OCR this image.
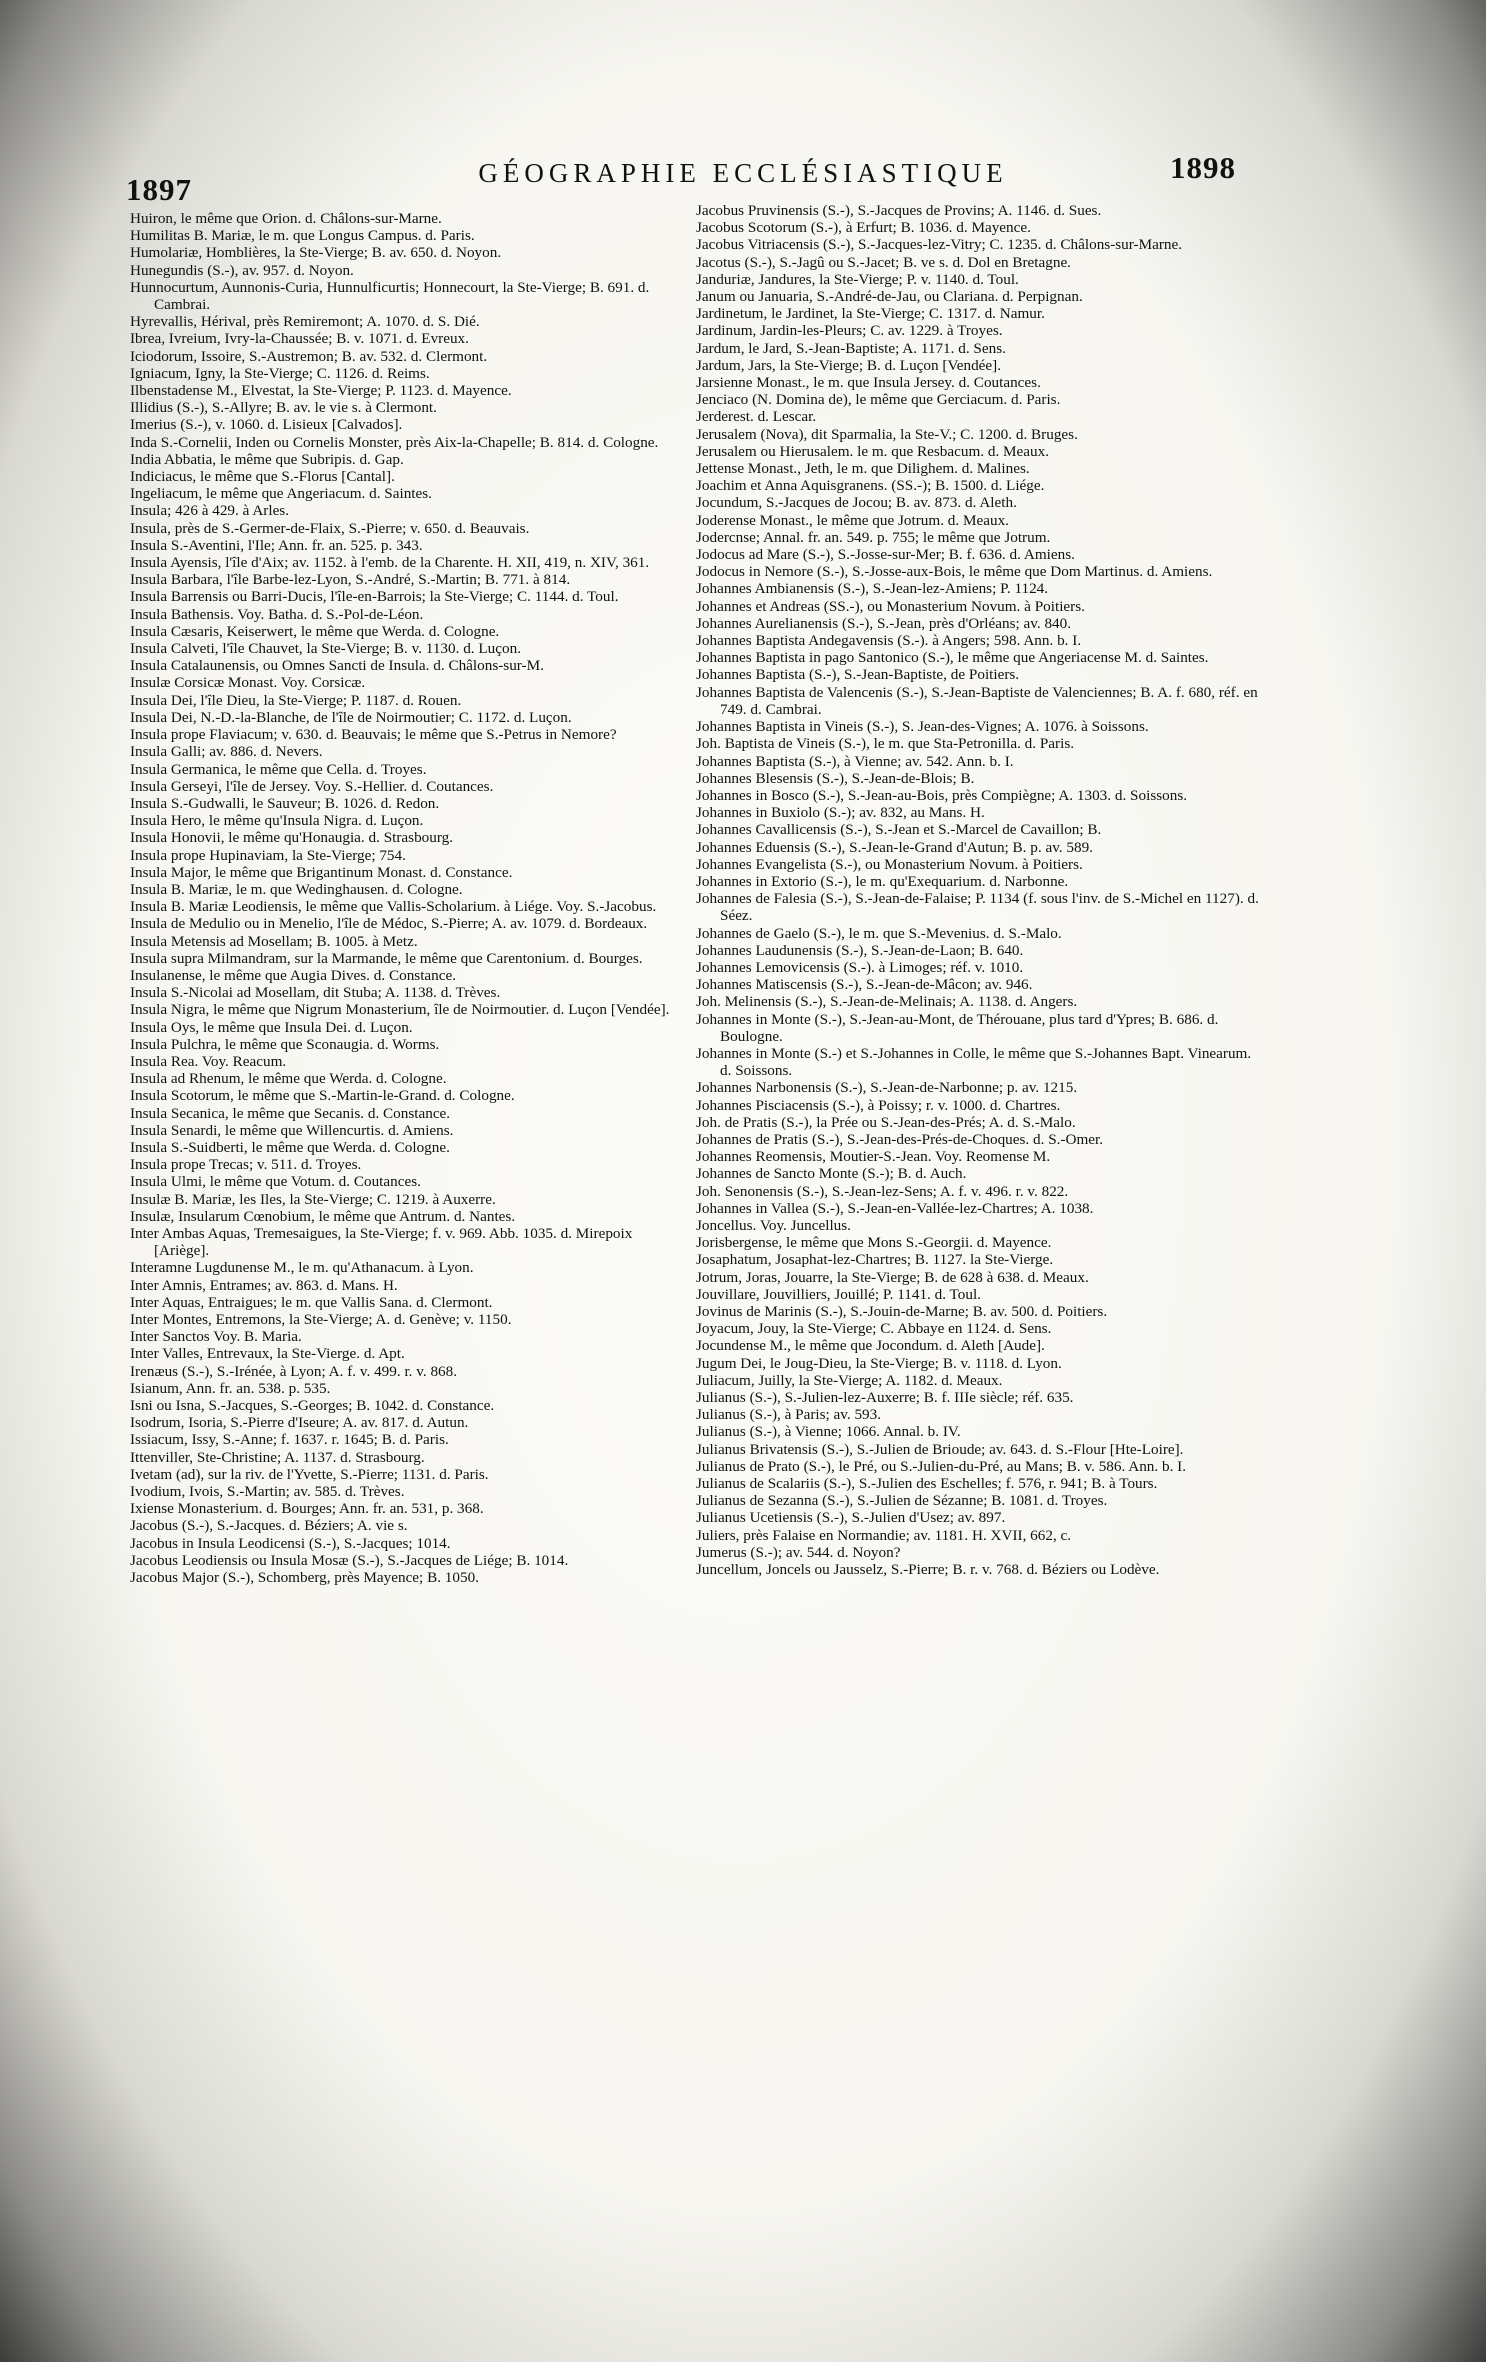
1897	GÉOGRAPHIE ECCLÉSIASTIQUE	1898
Huiron, le même que Orion. d. Châlons-sur-Marne.
Humilitas B. Mariæ, le m. que Longus Campus. d. Paris.
Humolariæ, Homblières, la Ste-Vierge; B. av. 650. d. Noyon.
Hunegundis (S.-), av. 957. d. Noyon.
Hunnocurtum, Aunnonis-Curia, Hunnulficurtis; Honnecourt, la Ste-Vierge; B. 691. d. Cambrai.
Hyrevallis, Hérival, près Remiremont; A. 1070. d. S. Dié.
Ibrea, Ivreium, Ivry-la-Chaussée; B. v. 1071. d. Evreux.
Iciodorum, Issoire, S.-Austremon; B. av. 532. d. Clermont.
Igniacum, Igny, la Ste-Vierge; C. 1126. d. Reims.
Ilbenstadense M., Elvestat, la Ste-Vierge; P. 1123. d. Mayence.
Illidius (S.-), S.-Allyre; B. av. le vie s. à Clermont.
Imerius (S.-), v. 1060. d. Lisieux [Calvados].
Inda S.-Cornelii, Inden ou Cornelis Monster, près Aix-la-Chapelle; B. 814. d. Cologne.
India Abbatia, le même que Subripis. d. Gap.
Indiciacus, le même que S.-Florus [Cantal].
Ingeliacum, le même que Angeriacum. d. Saintes.
Insula; 426 à 429. à Arles.
Insula, près de S.-Germer-de-Flaix, S.-Pierre; v. 650. d. Beauvais.
Insula S.-Aventini, l'Ile; Ann. fr. an. 525. p. 343.
Insula Ayensis, l'île d'Aix; av. 1152. à l'emb. de la Charente. H. XII, 419, n. XIV, 361.
Insula Barbara, l'île Barbe-lez-Lyon, S.-André, S.-Martin; B. 771. à 814.
Insula Barrensis ou Barri-Ducis, l'île-en-Barrois; la Ste-Vierge; C. 1144. d. Toul.
Insula Bathensis. Voy. Batha. d. S.-Pol-de-Léon.
Insula Cæsaris, Keiserwert, le même que Werda. d. Cologne.
Insula Calveti, l'île Chauvet, la Ste-Vierge; B. v. 1130. d. Luçon.
Insula Catalaunensis, ou Omnes Sancti de Insula. d. Châlons-sur-M.
Insulæ Corsicæ Monast. Voy. Corsicæ.
Insula Dei, l'île Dieu, la Ste-Vierge; P. 1187. d. Rouen.
Insula Dei, N.-D.-la-Blanche, de l'île de Noirmoutier; C. 1172. d. Luçon.
Insula prope Flaviacum; v. 630. d. Beauvais; le même que S.-Petrus in Nemore?
Insula Galli; av. 886. d. Nevers.
Insula Germanica, le même que Cella. d. Troyes.
Insula Gerseyi, l'île de Jersey. Voy. S.-Hellier. d. Coutances.
Insula S.-Gudwalli, le Sauveur; B. 1026. d. Redon.
Insula Hero, le même qu'Insula Nigra. d. Luçon.
Insula Honovii, le même qu'Honaugia. d. Strasbourg.
Insula prope Hupinaviam, la Ste-Vierge; 754.
Insula Major, le même que Brigantinum Monast. d. Constance.
Insula B. Mariæ, le m. que Wedinghausen. d. Cologne.
Insula B. Mariæ Leodiensis, le même que Vallis-Scholarium. à Liége. Voy. S.-Jacobus.
Insula de Medulio ou in Menelio, l'île de Médoc, S.-Pierre; A. av. 1079. d. Bordeaux.
Insula Metensis ad Mosellam; B. 1005. à Metz.
Insula supra Milmandram, sur la Marmande, le même que Carentonium. d. Bourges.
Insulanense, le même que Augia Dives. d. Constance.
Insula S.-Nicolai ad Mosellam, dit Stuba; A. 1138. d. Trèves.
Insula Nigra, le même que Nigrum Monasterium, île de Noirmoutier. d. Luçon [Vendée].
Insula Oys, le même que Insula Dei. d. Luçon.
Insula Pulchra, le même que Sconaugia. d. Worms.
Insula Rea. Voy. Reacum.
Insula ad Rhenum, le même que Werda. d. Cologne.
Insula Scotorum, le même que S.-Martin-le-Grand. d. Cologne.
Insula Secanica, le même que Secanis. d. Constance.
Insula Senardi, le même que Willencurtis. d. Amiens.
Insula S.-Suidberti, le même que Werda. d. Cologne.
Insula prope Trecas; v. 511. d. Troyes.
Insula Ulmi, le même que Votum. d. Coutances.
Insulæ B. Mariæ, les Iles, la Ste-Vierge; C. 1219. à Auxerre.
Insulæ, Insularum Cœnobium, le même que Antrum. d. Nantes.
Inter Ambas Aquas, Tremesaigues, la Ste-Vierge; f. v. 969. Abb. 1035. d. Mirepoix [Ariège].
Interamne Lugdunense M., le m. qu'Athanacum. à Lyon.
Inter Amnis, Entrames; av. 863. d. Mans. H.
Inter Aquas, Entraigues; le m. que Vallis Sana. d. Clermont.
Inter Montes, Entremons, la Ste-Vierge; A. d. Genève; v. 1150.
Inter Sanctos Voy. B. Maria.
Inter Valles, Entrevaux, la Ste-Vierge. d. Apt.
Irenæus (S.-), S.-Irénée, à Lyon; A. f. v. 499. r. v. 868.
Isianum, Ann. fr. an. 538. p. 535.
Isni ou Isna, S.-Jacques, S.-Georges; B. 1042. d. Constance.
Isodrum, Isoria, S.-Pierre d'Iseure; A. av. 817. d. Autun.
Issiacum, Issy, S.-Anne; f. 1637. r. 1645; B. d. Paris.
Ittenviller, Ste-Christine; A. 1137. d. Strasbourg.
Ivetam (ad), sur la riv. de l'Yvette, S.-Pierre; 1131. d. Paris.
Ivodium, Ivois, S.-Martin; av. 585. d. Trèves.
Ixiense Monasterium. d. Bourges; Ann. fr. an. 531, p. 368.
Jacobus (S.-), S.-Jacques. d. Béziers; A. vie s.
Jacobus in Insula Leodicensi (S.-), S.-Jacques; 1014.
Jacobus Leodiensis ou Insula Mosæ (S.-), S.-Jacques de Liége; B. 1014.
Jacobus Major (S.-), Schomberg, près Mayence; B. 1050.
Jacobus Pruvinensis (S.-), S.-Jacques de Provins; A. 1146. d. Sues.
Jacobus Scotorum (S.-), à Erfurt; B. 1036. d. Mayence.
Jacobus Vitriacensis (S.-), S.-Jacques-lez-Vitry; C. 1235. d. Châlons-sur-Marne.
Jacotus (S.-), S.-Jagû ou S.-Jacet; B. ve s. d. Dol en Bretagne.
Janduriæ, Jandures, la Ste-Vierge; P. v. 1140. d. Toul.
Janum ou Januaria, S.-André-de-Jau, ou Clariana. d. Perpignan.
Jardinetum, le Jardinet, la Ste-Vierge; C. 1317. d. Namur.
Jardinum, Jardin-les-Pleurs; C. av. 1229. à Troyes.
Jardum, le Jard, S.-Jean-Baptiste; A. 1171. d. Sens.
Jardum, Jars, la Ste-Vierge; B. d. Luçon [Vendée].
Jarsienne Monast., le m. que Insula Jersey. d. Coutances.
Jenciaco (N. Domina de), le même que Gerciacum. d. Paris.
Jerderest. d. Lescar.
Jerusalem (Nova), dit Sparmalia, la Ste-V.; C. 1200. d. Bruges.
Jerusalem ou Hierusalem. le m. que Resbacum. d. Meaux.
Jettense Monast., Jeth, le m. que Dilighem. d. Malines.
Joachim et Anna Aquisgranens. (SS.-); B. 1500. d. Liége.
Jocundum, S.-Jacques de Jocou; B. av. 873. d. Aleth.
Joderense Monast., le même que Jotrum. d. Meaux.
Jodercnse; Annal. fr. an. 549. p. 755; le même que Jotrum.
Jodocus ad Mare (S.-), S.-Josse-sur-Mer; B. f. 636. d. Amiens.
Jodocus in Nemore (S.-), S.-Josse-aux-Bois, le même que Dom Martinus. d. Amiens.
Johannes Ambianensis (S.-), S.-Jean-lez-Amiens; P. 1124.
Johannes et Andreas (SS.-), ou Monasterium Novum. à Poitiers.
Johannes Aurelianensis (S.-), S.-Jean, près d'Orléans; av. 840.
Johannes Baptista Andegavensis (S.-). à Angers; 598. Ann. b. I.
Johannes Baptista in pago Santonico (S.-), le même que Angeriacense M. d. Saintes.
Johannes Baptista (S.-), S.-Jean-Baptiste, de Poitiers.
Johannes Baptista de Valencenis (S.-), S.-Jean-Baptiste de Valenciennes; B. A. f. 680, réf. en 749. d. Cambrai.
Johannes Baptista in Vineis (S.-), S. Jean-des-Vignes; A. 1076. à Soissons.
Joh. Baptista de Vineis (S.-), le m. que Sta-Petronilla. d. Paris.
Johannes Baptista (S.-), à Vienne; av. 542. Ann. b. I.
Johannes Blesensis (S.-), S.-Jean-de-Blois; B.
Johannes in Bosco (S.-), S.-Jean-au-Bois, près Compiègne; A. 1303. d. Soissons.
Johannes in Buxiolo (S.-); av. 832, au Mans. H.
Johannes Cavallicensis (S.-), S.-Jean et S.-Marcel de Cavaillon; B.
Johannes Eduensis (S.-), S.-Jean-le-Grand d'Autun; B. p. av. 589.
Johannes Evangelista (S.-), ou Monasterium Novum. à Poitiers.
Johannes in Extorio (S.-), le m. qu'Exequarium. d. Narbonne.
Johannes de Falesia (S.-), S.-Jean-de-Falaise; P. 1134 (f. sous l'inv. de S.-Michel en 1127). d. Séez.
Johannes de Gaelo (S.-), le m. que S.-Mevenius. d. S.-Malo.
Johannes Laudunensis (S.-), S.-Jean-de-Laon; B. 640.
Johannes Lemovicensis (S.-). à Limoges; réf. v. 1010.
Johannes Matiscensis (S.-), S.-Jean-de-Mâcon; av. 946.
Joh. Melinensis (S.-), S.-Jean-de-Melinais; A. 1138. d. Angers.
Johannes in Monte (S.-), S.-Jean-au-Mont, de Thérouane, plus tard d'Ypres; B. 686. d. Boulogne.
Johannes in Monte (S.-) et S.-Johannes in Colle, le même que S.-Johannes Bapt. Vinearum. d. Soissons.
Johannes Narbonensis (S.-), S.-Jean-de-Narbonne; p. av. 1215.
Johannes Pisciacensis (S.-), à Poissy; r. v. 1000. d. Chartres.
Joh. de Pratis (S.-), la Prée ou S.-Jean-des-Prés; A. d. S.-Malo.
Johannes de Pratis (S.-), S.-Jean-des-Prés-de-Choques. d. S.-Omer.
Johannes Reomensis, Moutier-S.-Jean. Voy. Reomense M.
Johannes de Sancto Monte (S.-); B. d. Auch.
Joh. Senonensis (S.-), S.-Jean-lez-Sens; A. f. v. 496. r. v. 822.
Johannes in Vallea (S.-), S.-Jean-en-Vallée-lez-Chartres; A. 1038.
Joncellus. Voy. Juncellus.
Jorisbergense, le même que Mons S.-Georgii. d. Mayence.
Josaphatum, Josaphat-lez-Chartres; B. 1127. la Ste-Vierge.
Jotrum, Joras, Jouarre, la Ste-Vierge; B. de 628 à 638. d. Meaux.
Jouvillare, Jouvilliers, Jouillé; P. 1141. d. Toul.
Jovinus de Marinis (S.-), S.-Jouin-de-Marne; B. av. 500. d. Poitiers.
Joyacum, Jouy, la Ste-Vierge; C. Abbaye en 1124. d. Sens.
Jocundense M., le même que Jocondum. d. Aleth [Aude].
Jugum Dei, le Joug-Dieu, la Ste-Vierge; B. v. 1118. d. Lyon.
Juliacum, Juilly, la Ste-Vierge; A. 1182. d. Meaux.
Julianus (S.-), S.-Julien-lez-Auxerre; B. f. IIIe siècle; réf. 635.
Julianus (S.-), à Paris; av. 593.
Julianus (S.-), à Vienne; 1066. Annal. b. IV.
Julianus Brivatensis (S.-), S.-Julien de Brioude; av. 643. d. S.-Flour [Hte-Loire].
Julianus de Prato (S.-), le Pré, ou S.-Julien-du-Pré, au Mans; B. v. 586. Ann. b. I.
Julianus de Scalariis (S.-), S.-Julien des Eschelles; f. 576, r. 941; B. à Tours.
Julianus de Sezanna (S.-), S.-Julien de Sézanne; B. 1081. d. Troyes.
Julianus Ucetiensis (S.-), S.-Julien d'Usez; av. 897.
Juliers, près Falaise en Normandie; av. 1181. H. XVII, 662, c.
Jumerus (S.-); av. 544. d. Noyon?
Juncellum, Joncels ou Jausselz, S.-Pierre; B. r. v. 768. d. Béziers ou Lodève.
